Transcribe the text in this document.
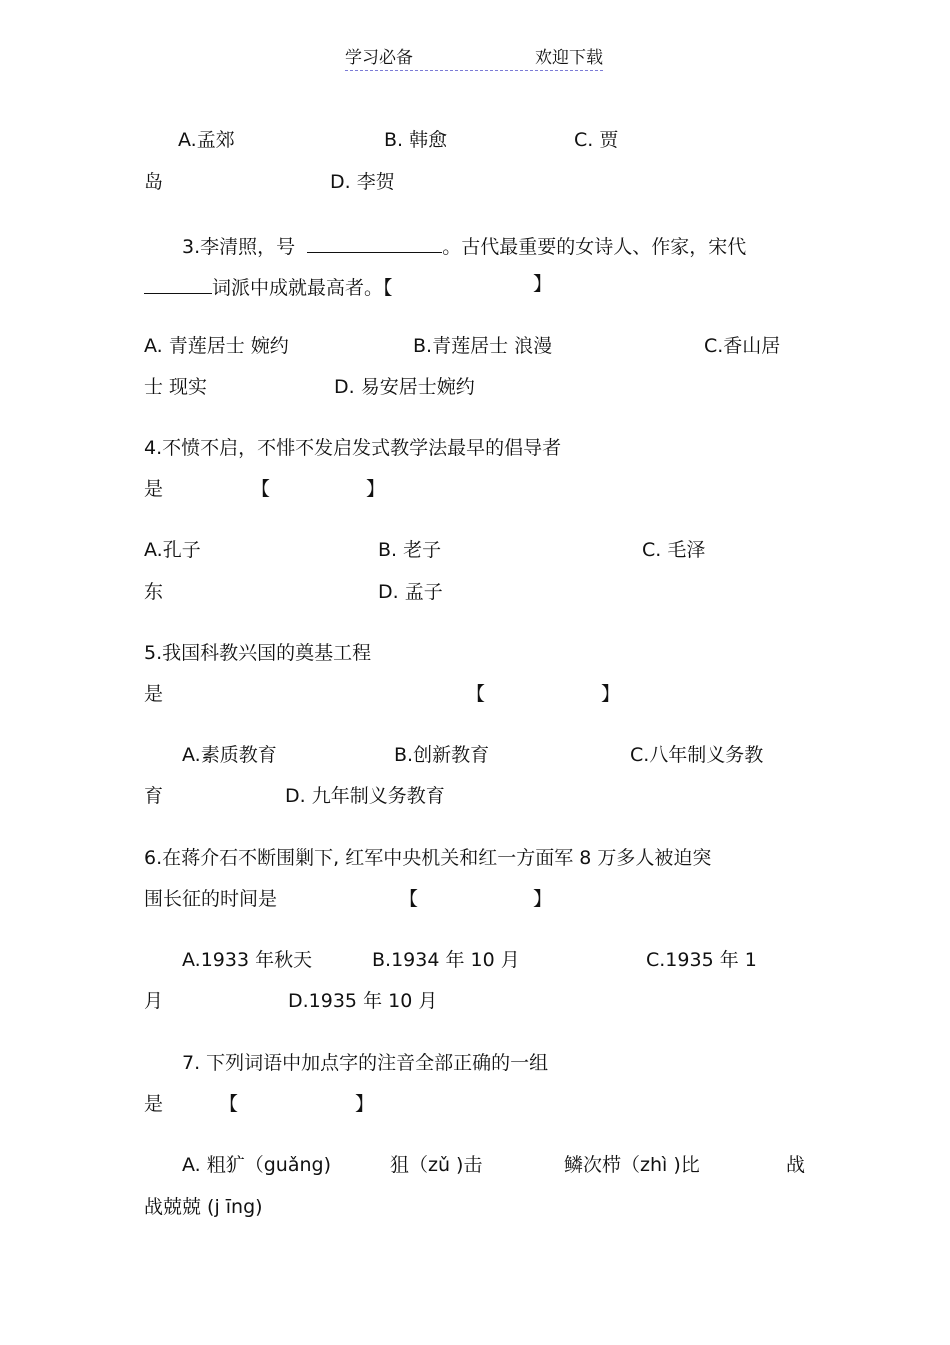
学习必备	欢迎下载
A.孟郊	B. 韩愈	C. 贾
岛	D. 李贺
3.李清照，号	。古代最重要的女诗人、作家，宋代
词派中成就最高者。【	】
A. 青莲居士 婉约	B.青莲居士 浪漫	C.香山居
士 现实	D. 易安居士婉约
4.不愤不启，不悱不发启发式教学法最早的倡导者
是	【	】
A.孔子	B. 老子	C. 毛泽
东	D. 孟子
5.我国科教兴国的奠基工程
是	【	】
A.素质教育	B.创新教育	C.八年制义务教
育	D. 九年制义务教育
6.在蒋介石不断围剿下, 红军中央机关和红一方面军 8 万多人被迫突
围长征的时间是	【	】
A.1933 年秋天	B.1934 年 10 月	C.1935 年 1
月	D.1935 年 10 月
7. 下列词语中加点字的注音全部正确的一组
是	【	】
A. 粗犷（guǎng)	狙（zǔ )击	鳞次栉（zhì )比	战
战兢兢 (j īng)
